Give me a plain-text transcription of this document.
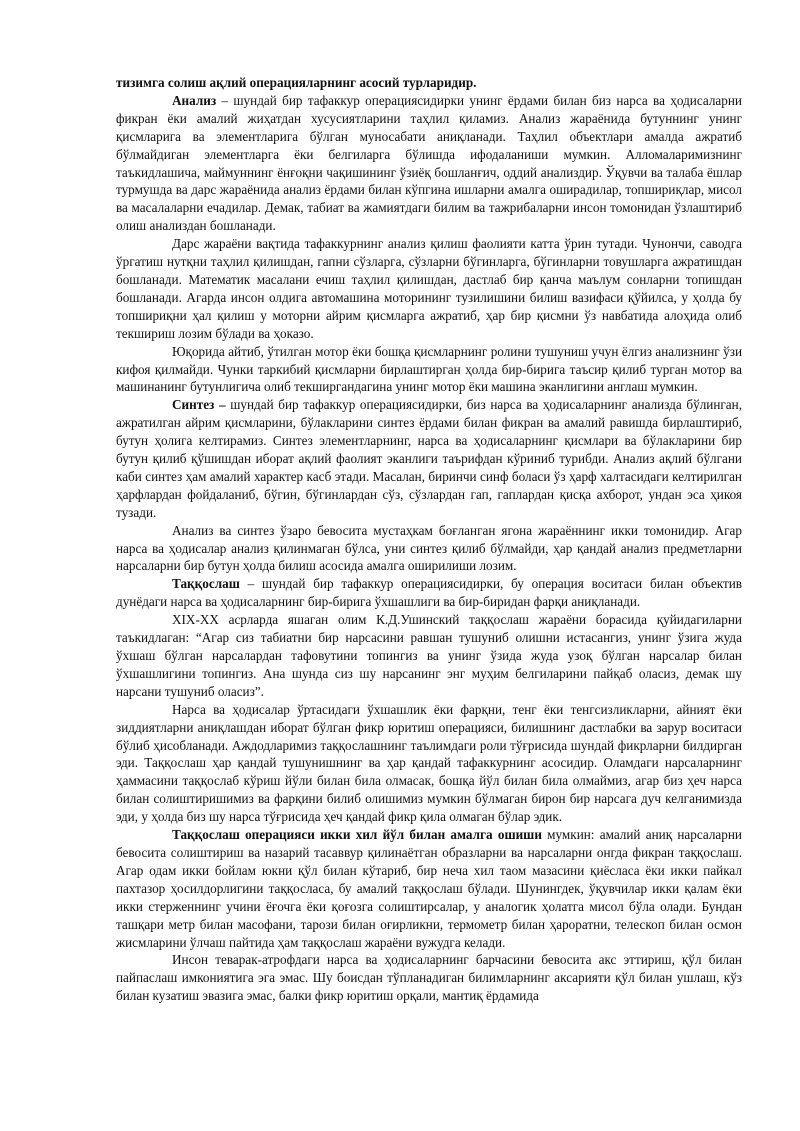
тизимга солиш ақлий операцияларнинг асосий турларидир.

Анализ – шундай бир тафаккур операциясидирки унинг ёрдами билан биз нарса ва ҳодисаларни фикран ёки амалий жиҳатдан хусусиятларини таҳлил қиламиз. Анализ жараёнида бутуннинг унинг қисмларига ва элементларига бўлган муносабати аниқланади. Таҳлил объектлари амалда ажратиб бўлмайдиган элементларга ёки белгиларга бўлишда ифодаланиши мумкин. Алломаларимизнинг таъкидлашича, маймуннинг ёнғоқни чақишининг ўзиёқ бошланғич, оддий анализдир. Ўқувчи ва талаба ёшлар турмушда ва дарс жараёнида анализ ёрдами билан кўпгина ишларни амалга оширадилар, топшириқлар, мисол ва масалаларни ечадилар. Демак, табиат ва жамиятдаги билим ва тажрибаларни инсон томонидан ўзлаштириб олиш анализдан бошланади.

Дарс жараёни вақтида тафаккурнинг анализ қилиш фаолияти катта ўрин тутади. Чунончи, саводга ўргатиш нутқни таҳлил қилишдан, гапни сўзларга, сўзларни бўгинларга, бўгинларни товушларга ажратишдан бошланади. Математик масалани ечиш таҳлил қилишдан, дастлаб бир қанча маълум сонларни топишдан бошланади. Агарда инсон олдига автомашина моторининг тузилишини билиш вазифаси қўйилса, у ҳолда бу топшириқни ҳал қилиш у моторни айрим қисмларга ажратиб, ҳар бир қисмни ўз навбатида алоҳида олиб текшириш лозим бўлади ва ҳоказо.

Юқорида айтиб, ўтилган мотор ёки бошқа қисмларнинг ролини тушуниш учун ёлгиз анализнинг ўзи кифоя қилмайди. Чунки таркибий қисмларни бирлаштирган ҳолда бир-бирига таъсир қилиб турган мотор ва машинанинг бутунлигича олиб текширгандагина унинг мотор ёки машина эканлигини англаш мумкин.

Синтез – шундай бир тафаккур операциясидирки, биз нарса ва ҳодисаларнинг анализда бўлинган, ажратилган айрим қисмларини, бўлакларини синтез ёрдами билан фикран ва амалий равишда бирлаштириб, бутун ҳолига келтирамиз. Синтез элементларнинг, нарса ва ҳодисаларнинг қисмлари ва бўлакларини бир бутун қилиб қўшишдан иборат ақлий фаолият эканлиги таърифдан кўриниб турибди. Анализ ақлий бўлгани каби синтез ҳам амалий характер касб этади. Масалан, биринчи синф боласи ўз ҳарф халтасидаги келтирилган ҳарфлардан фойдаланиб, бўгин, бўгинлардан сўз, сўзлардан гап, гаплардан қисқа ахборот, ундан эса ҳикоя тузади.

Анализ ва синтез ўзаро бевосита мустаҳкам боғланган ягона жараённинг икки томонидир. Агар нарса ва ҳодисалар анализ қилинмаган бўлса, уни синтез қилиб бўлмайди, ҳар қандай анализ предметларни нарсаларни бир бутун ҳолда билиш асосида амалга оширилиши лозим.

Таққослаш – шундай бир тафаккур операциясидирки, бу операция воситаси билан объектив дунёдаги нарса ва ҳодисаларнинг бир-бирига ўхшашлиги ва бир-биридан фарқи аниқланади.

XIX-XX асрларда яшаган олим К.Д.Ушинский таққослаш жараёни борасида қуйидагиларни таъкидлаган: “Агар сиз табиатни бир нарсасини равшан тушуниб олишни истасангиз, унинг ўзига жуда ўхшаш бўлган нарсалардан тафовутини топингиз ва унинг ўзида жуда узоқ бўлган нарсалар билан ўхшашлигини топингиз. Ана шунда сиз шу нарсанинг энг муҳим белгиларини пайқаб оласиз, демак шу нарсани тушуниб оласиз”.

Нарса ва ҳодисалар ўртасидаги ўхшашлик ёки фарқни, тенг ёки тенгсизликларни, айният ёки зиддиятларни аниқлашдан иборат бўлган фикр юритиш операцияси, билишнинг дастлабки ва зарур воситаси бўлиб ҳисобланади. Аждодларимиз таққослашнинг таълимдаги роли тўғрисида шундай фикрларни билдирган эди. Таққослаш ҳар қандай тушунишнинг ва ҳар қандай тафаккурнинг асосидир. Оламдаги нарсаларнинг ҳаммасини таққослаб кўриш йўли билан била олмасак, бошқа йўл билан била олмаймиз, агар биз ҳеч нарса билан солиштиришимиз ва фарқини билиб олишимиз мумкин бўлмаган бирон бир нарсага дуч келганимизда эди, у ҳолда биз шу нарса тўғрисида ҳеч қандай фикр қила олмаган бўлар эдик.

Таққослаш операцияси икки хил йўл билан амалга ошиши мумкин: амалий аниқ нарсаларни бевосита солиштириш ва назарий тасаввур қилинаётган образларни ва нарсаларни онгда фикран таққослаш. Агар одам икки бойлам юкни қўл билан кўтариб, бир неча хил таом мазасини қиёсласа ёки икки пайкал пахтазор ҳосилдорлигини таққосласа, бу амалий таққослаш бўлади. Шунингдек, ўқувчилар икки қалам ёки икки стерженнинг учини ёғочга ёки қоғозга солиштирсалар, у аналогик ҳолатга мисол бўла олади. Бундан ташқари метр билан масофани, тарози билан оғирликни, термометр билан ҳароратни, телескоп билан осмон жисмларини ўлчаш пайтида ҳам таққослаш жараёни вужудга келади.

Инсон теварак-атрофдаги нарса ва ҳодисаларнинг барчасини бевосита акс эттириш, қўл билан пайпаслаш имкониятига эга эмас. Шу боисдан тўпланадиган билимларнинг аксарияти қўл билан ушлаш, кўз билан кузатиш эвазига эмас, балки фикр юритиш орқали, мантиқ ёрдамида
